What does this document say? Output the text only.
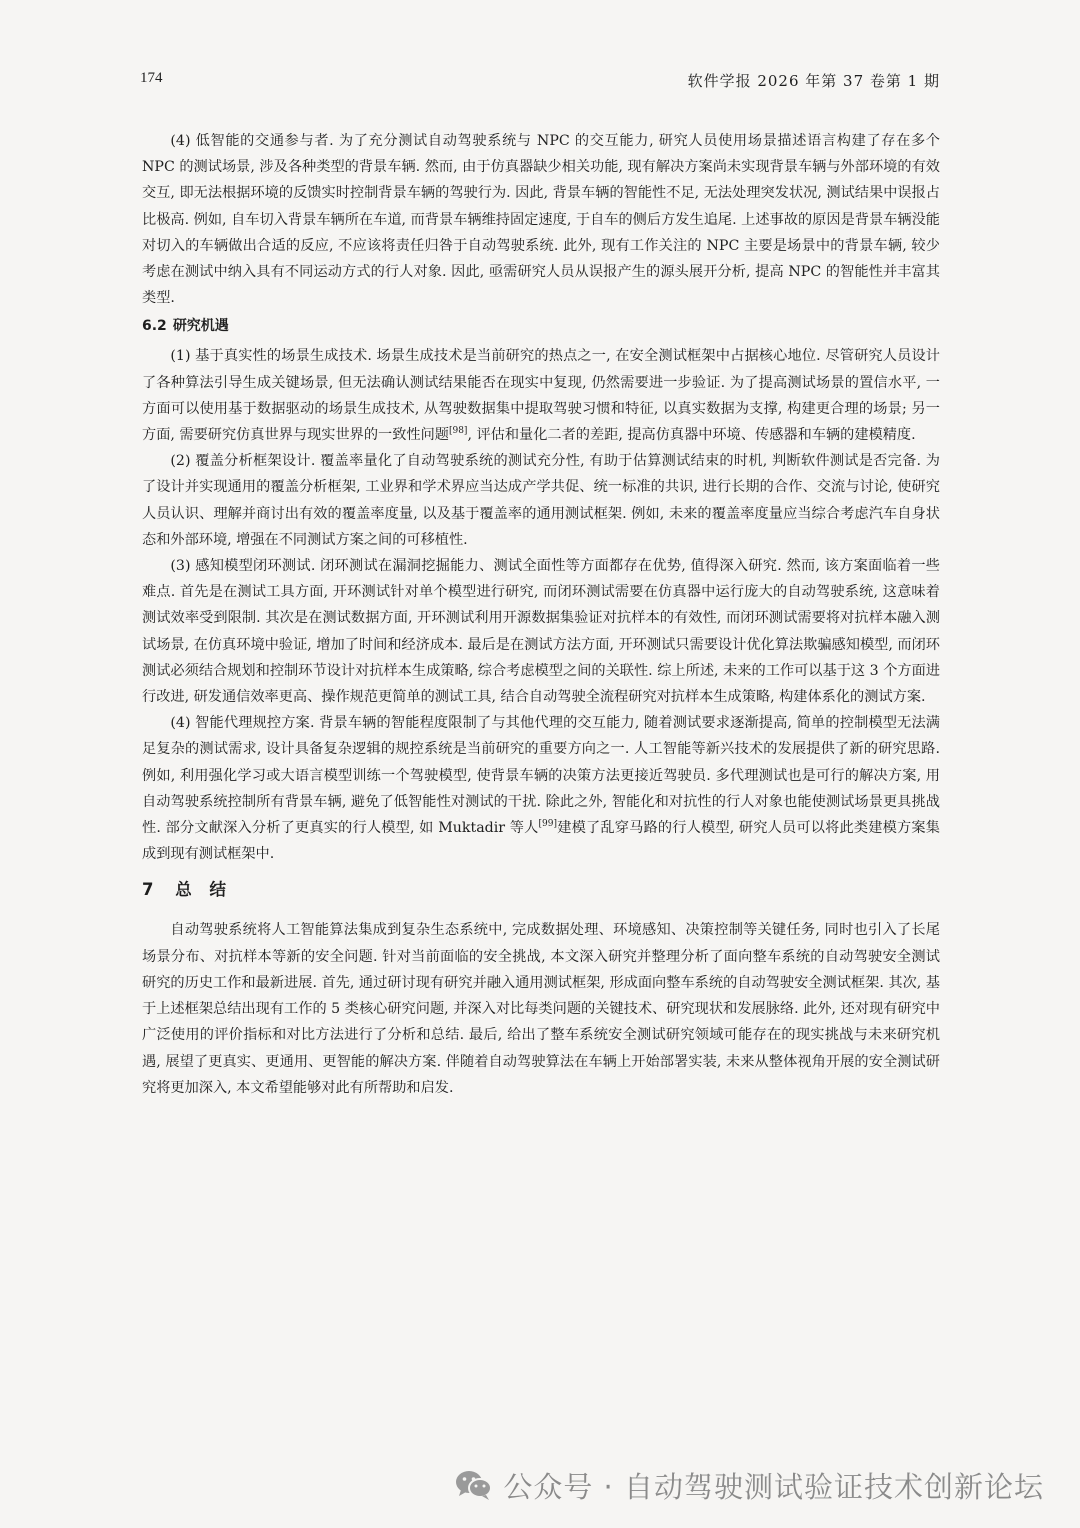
174	软件学报 2026 年第 37 卷第 1 期

(4) 低智能的交通参与者. 为了充分测试自动驾驶系统与 NPC 的交互能力, 研究人员使用场景描述语言构建了存在多个 NPC 的测试场景, 涉及各种类型的背景车辆. 然而, 由于仿真器缺少相关功能, 现有解决方案尚未实现背景车辆与外部环境的有效交互, 即无法根据环境的反馈实时控制背景车辆的驾驶行为. 因此, 背景车辆的智能性不足, 无法处理突发状况, 测试结果中误报占比极高. 例如, 自车切入背景车辆所在车道, 而背景车辆维持固定速度, 于自车的侧后方发生追尾. 上述事故的原因是背景车辆没能对切入的车辆做出合适的反应, 不应该将责任归咎于自动驾驶系统. 此外, 现有工作关注的 NPC 主要是场景中的背景车辆, 较少考虑在测试中纳入具有不同运动方式的行人对象. 因此, 亟需研究人员从误报产生的源头展开分析, 提高 NPC 的智能性并丰富其类型.

6.2 研究机遇

(1) 基于真实性的场景生成技术. 场景生成技术是当前研究的热点之一, 在安全测试框架中占据核心地位. 尽管研究人员设计了各种算法引导生成关键场景, 但无法确认测试结果能否在现实中复现, 仍然需要进一步验证. 为了提高测试场景的置信水平, 一方面可以使用基于数据驱动的场景生成技术, 从驾驶数据集中提取驾驶习惯和特征, 以真实数据为支撑, 构建更合理的场景; 另一方面, 需要研究仿真世界与现实世界的一致性问题[98], 评估和量化二者的差距, 提高仿真器中环境、传感器和车辆的建模精度.

(2) 覆盖分析框架设计. 覆盖率量化了自动驾驶系统的测试充分性, 有助于估算测试结束的时机, 判断软件测试是否完备. 为了设计并实现通用的覆盖分析框架, 工业界和学术界应当达成产学共促、统一标准的共识, 进行长期的合作、交流与讨论, 使研究人员认识、理解并商讨出有效的覆盖率度量, 以及基于覆盖率的通用测试框架. 例如, 未来的覆盖率度量应当综合考虑汽车自身状态和外部环境, 增强在不同测试方案之间的可移植性.

(3) 感知模型闭环测试. 闭环测试在漏洞挖掘能力、测试全面性等方面都存在优势, 值得深入研究. 然而, 该方案面临着一些难点. 首先是在测试工具方面, 开环测试针对单个模型进行研究, 而闭环测试需要在仿真器中运行庞大的自动驾驶系统, 这意味着测试效率受到限制. 其次是在测试数据方面, 开环测试利用开源数据集验证对抗样本的有效性, 而闭环测试需要将对抗样本融入测试场景, 在仿真环境中验证, 增加了时间和经济成本. 最后是在测试方法方面, 开环测试只需要设计优化算法欺骗感知模型, 而闭环测试必须结合规划和控制环节设计对抗样本生成策略, 综合考虑模型之间的关联性. 综上所述, 未来的工作可以基于这 3 个方面进行改进, 研发通信效率更高、操作规范更简单的测试工具, 结合自动驾驶全流程研究对抗样本生成策略, 构建体系化的测试方案.

(4) 智能代理规控方案. 背景车辆的智能程度限制了与其他代理的交互能力, 随着测试要求逐渐提高, 简单的控制模型无法满足复杂的测试需求, 设计具备复杂逻辑的规控系统是当前研究的重要方向之一. 人工智能等新兴技术的发展提供了新的研究思路. 例如, 利用强化学习或大语言模型训练一个驾驶模型, 使背景车辆的决策方法更接近驾驶员. 多代理测试也是可行的解决方案, 用自动驾驶系统控制所有背景车辆, 避免了低智能性对测试的干扰. 除此之外, 智能化和对抗性的行人对象也能使测试场景更具挑战性. 部分文献深入分析了更真实的行人模型, 如 Muktadir 等人[99]建模了乱穿马路的行人模型, 研究人员可以将此类建模方案集成到现有测试框架中.

7 总 结

自动驾驶系统将人工智能算法集成到复杂生态系统中, 完成数据处理、环境感知、决策控制等关键任务, 同时也引入了长尾场景分布、对抗样本等新的安全问题. 针对当前面临的安全挑战, 本文深入研究并整理分析了面向整车系统的自动驾驶安全测试研究的历史工作和最新进展. 首先, 通过研讨现有研究并融入通用测试框架, 形成面向整车系统的自动驾驶安全测试框架. 其次, 基于上述框架总结出现有工作的 5 类核心研究问题, 并深入对比每类问题的关键技术、研究现状和发展脉络. 此外, 还对现有研究中广泛使用的评价指标和对比方法进行了分析和总结. 最后, 给出了整车系统安全测试研究领域可能存在的现实挑战与未来研究机遇, 展望了更真实、更通用、更智能的解决方案. 伴随着自动驾驶算法在车辆上开始部署实装, 未来从整体视角开展的安全测试研究将更加深入, 本文希望能够对此有所帮助和启发.

公众号 · 自动驾驶测试验证技术创新论坛
